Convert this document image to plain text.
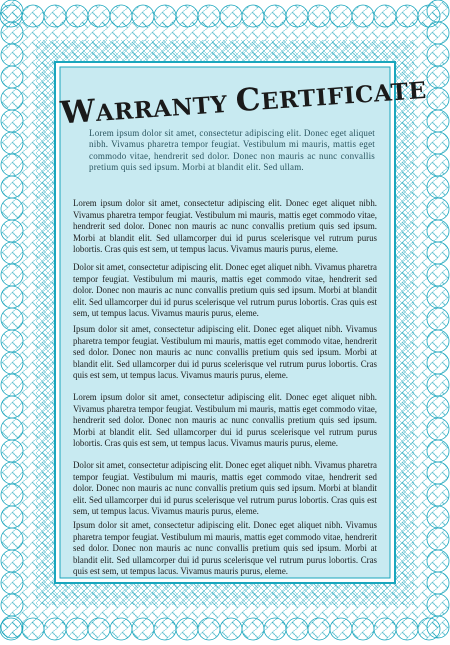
WARRANTY CERTIFICATE
Lorem ipsum dolor sit amet, consectetur adipiscing elit. Donec eget aliquet nibh. Vivamus pharetra tempor feugiat. Vestibulum mi mauris, mattis eget commodo vitae, hendrerit sed dolor. Donec non mauris ac nunc convallis pretium quis sed ipsum. Morbi at blandit elit. Sed ullam.
Lorem ipsum dolor sit amet, consectetur adipiscing elit. Donec eget aliquet nibh. Vivamus pharetra tempor feugiat. Vestibulum mi mauris, mattis eget commodo vitae, hendrerit sed dolor. Donec non mauris ac nunc convallis pretium quis sed ipsum. Morbi at blandit elit. Sed ullamcorper dui id purus scelerisque vel rutrum purus lobortis. Cras quis est sem, ut tempus lacus. Vivamus mauris purus, eleme.
Dolor sit amet, consectetur adipiscing elit. Donec eget aliquet nibh. Vivamus pharetra tempor feugiat. Vestibulum mi mauris, mattis eget commodo vitae, hendrerit sed dolor. Donec non mauris ac nunc convallis pretium quis sed ipsum. Morbi at blandit elit. Sed ullamcorper dui id purus scelerisque vel rutrum purus lobortis. Cras quis est sem, ut tempus lacus. Vivamus mauris purus, eleme.
Ipsum dolor sit amet, consectetur adipiscing elit. Donec eget aliquet nibh. Vivamus pharetra tempor feugiat. Vestibulum mi mauris, mattis eget commodo vitae, hendrerit sed dolor. Donec non mauris ac nunc convallis pretium quis sed ipsum. Morbi at blandit elit. Sed ullamcorper dui id purus scelerisque vel rutrum purus lobortis. Cras quis est sem, ut tempus lacus. Vivamus mauris purus, eleme.
Lorem ipsum dolor sit amet, consectetur adipiscing elit. Donec eget aliquet nibh. Vivamus pharetra tempor feugiat. Vestibulum mi mauris, mattis eget commodo vitae, hendrerit sed dolor. Donec non mauris ac nunc convallis pretium quis sed ipsum. Morbi at blandit elit. Sed ullamcorper dui id purus scelerisque vel rutrum purus lobortis. Cras quis est sem, ut tempus lacus. Vivamus mauris purus, eleme.
Dolor sit amet, consectetur adipiscing elit. Donec eget aliquet nibh. Vivamus pharetra tempor feugiat. Vestibulum mi mauris, mattis eget commodo vitae, hendrerit sed dolor. Donec non mauris ac nunc convallis pretium quis sed ipsum. Morbi at blandit elit. Sed ullamcorper dui id purus scelerisque vel rutrum purus lobortis. Cras quis est sem, ut tempus lacus. Vivamus mauris purus, eleme.
Ipsum dolor sit amet, consectetur adipiscing elit. Donec eget aliquet nibh. Vivamus pharetra tempor feugiat. Vestibulum mi mauris, mattis eget commodo vitae, hendrerit sed dolor. Donec non mauris ac nunc convallis pretium quis sed ipsum. Morbi at blandit elit. Sed ullamcorper dui id purus scelerisque vel rutrum purus lobortis. Cras quis est sem, ut tempus lacus. Vivamus mauris purus, eleme.
